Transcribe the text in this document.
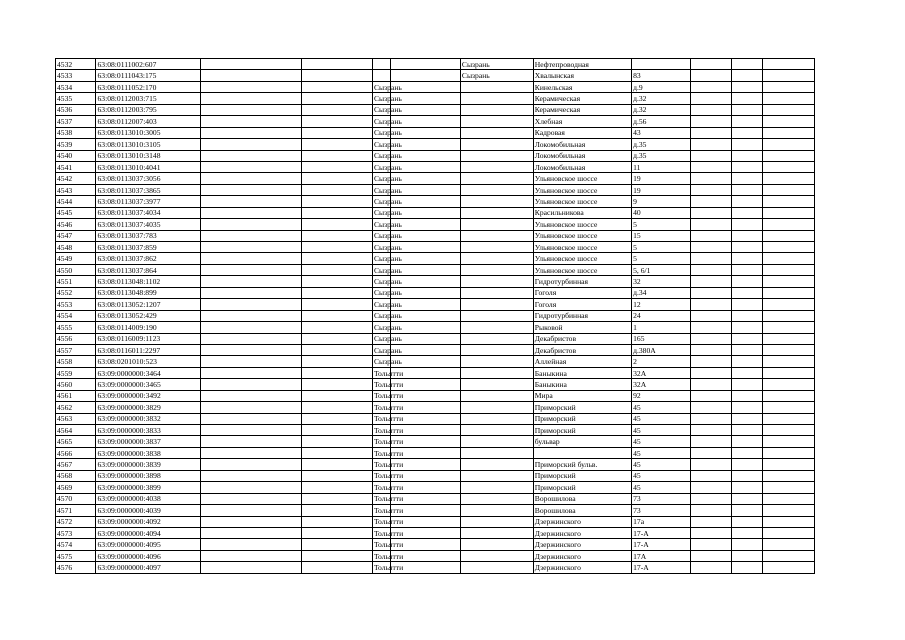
4532	63:08:0111002:607					Сызрань	Нефтепроводная				
4533	63:08:0111043:175					Сызрань	Хвалынская	83			
4534	63:08:0111052:170			Сызрань			Кинельская	д.9			
4535	63:08:0112003:715			Сызрань			Керамическая	д.32			
4536	63:08:0112003:795			Сызрань			Керамическая	д.32			
4537	63:08:0112007:403			Сызрань			Хлебная	д.56			
4538	63:08:0113010:3005			Сызрань			Кадровая	43			
4539	63:08:0113010:3105			Сызрань			Локомобильная	д.35			
4540	63:08:0113010:3148			Сызрань			Локомобильная	д.35			
4541	63:08:0113010:4041			Сызрань			Локомобильная	11			
4542	63:08:0113037:3056			Сызрань			Ульяновское шоссе	19			
4543	63:08:0113037:3865			Сызрань			Ульяновское шоссе	19			
4544	63:08:0113037:3977			Сызрань			Ульяновское шоссе	9			
4545	63:08:0113037:4034			Сызрань			Красильникова	40			
4546	63:08:0113037:4035			Сызрань			Ульяновское шоссе	5			
4547	63:08:0113037:783			Сызрань			Ульяновское шоссе	15			
4548	63:08:0113037:859			Сызрань			Ульяновское шоссе	5			
4549	63:08:0113037:862			Сызрань			Ульяновское шоссе	5			
4550	63:08:0113037:864			Сызрань			Ульяновское шоссе	5, 6/1			
4551	63:08:0113048:1102			Сызрань			Гидротурбинная	32			
4552	63:08:0113048:899			Сызрань			Гоголя	д.34			
4553	63:08:0113052:1207			Сызрань			Гоголя	12			
4554	63:08:0113052:429			Сызрань			Гидротурбинная	24			
4555	63:08:0114009:190			Сызрань			Рыковой	1			
4556	63:08:0116009:1123			Сызрань			Декабристов	165			
4557	63:08:0116011:2297			Сызрань			Декабристов	д.380А			
4558	63:08:0201010:523			Сызрань			Аллейная	2			
4559	63:09:0000000:3464			Тольятти			Баныкина	32А			
4560	63:09:0000000:3465			Тольятти			Баныкина	32А			
4561	63:09:0000000:3492			Тольятти			Мира	92			
4562	63:09:0000000:3829			Тольятти			Приморский	45			
4563	63:09:0000000:3832			Тольятти			Приморский	45			
4564	63:09:0000000:3833			Тольятти			Приморский	45			
4565	63:09:0000000:3837			Тольятти			бульвар	45			
4566	63:09:0000000:3838			Тольятти				45			
4567	63:09:0000000:3839			Тольятти			Приморский бульв.	45			
4568	63:09:0000000:3898			Тольятти			Приморский	45			
4569	63:09:0000000:3899			Тольятти			Приморский	45			
4570	63:09:0000000:4038			Тольятти			Ворошилова	73			
4571	63:09:0000000:4039			Тольятти			Ворошилова	73			
4572	63:09:0000000:4092			Тольятти			Дзержинского	17а			
4573	63:09:0000000:4094			Тольятти			Дзержинского	17-А			
4574	63:09:0000000:4095			Тольятти			Дзержинского	17-А			
4575	63:09:0000000:4096			Тольятти			Дзержинского	17А			
4576	63:09:0000000:4097			Тольятти			Дзержинского	17-А			
